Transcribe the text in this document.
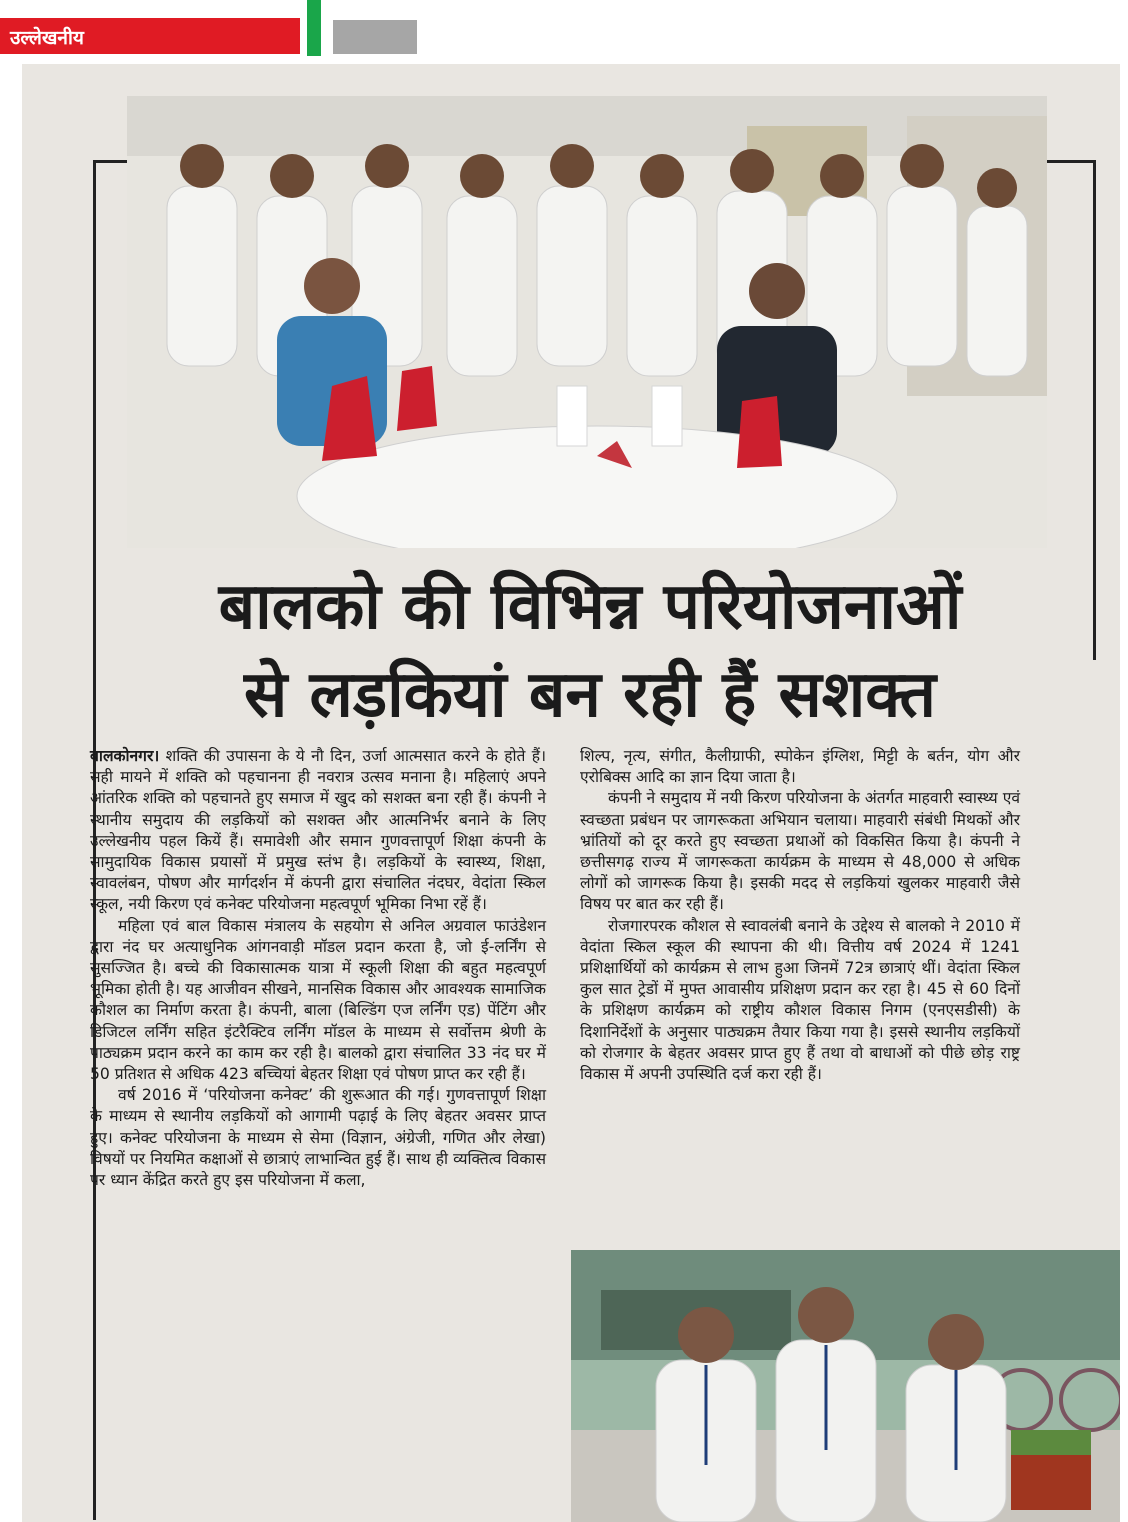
उल्लेखनीय
बालको की विभिन्न परियोजनाओं
से लड़कियां बन रही हैं सशक्त

बालकोनगर। शक्ति की उपासना के ये नौ दिन, उर्जा आत्मसात करने के होते हैं। सही मायने में शक्ति को पहचानना ही नवरात्र उत्सव मनाना है। महिलाएं अपने आंतरिक शक्ति को पहचानते हुए समाज में खुद को सशक्त बना रही हैं। कंपनी ने स्थानीय समुदाय की लड़कियों को सशक्त और आत्मनिर्भर बनाने के लिए उल्लेखनीय पहल कियें हैं। समावेशी और समान गुणवत्तापूर्ण शिक्षा कंपनी के सामुदायिक विकास प्रयासों में प्रमुख स्तंभ है। लड़कियों के स्वास्थ्य, शिक्षा, स्वावलंबन, पोषण और मार्गदर्शन में कंपनी द्वारा संचालित नंदघर, वेदांता स्किल स्कूल, नयी किरण एवं कनेक्ट परियोजना महत्वपूर्ण भूमिका निभा रहें हैं।

महिला एवं बाल विकास मंत्रालय के सहयोग से अनिल अग्रवाल फाउंडेशन द्वारा नंद घर अत्याधुनिक आंगनवाड़ी मॉडल प्रदान करता है, जो ई-लर्निंग से सुसज्जित है। बच्चे की विकासात्मक यात्रा में स्कूली शिक्षा की बहुत महत्वपूर्ण भूमिका होती है। यह आजीवन सीखने, मानसिक विकास और आवश्यक सामाजिक कौशल का निर्माण करता है। कंपनी, बाला (बिल्डिंग एज लर्निंग एड) पेंटिंग और डिजिटल लर्निंग सहित इंटरैक्टिव लर्निंग मॉडल के माध्यम से सर्वोत्तम श्रेणी के पाठ्यक्रम प्रदान करने का काम कर रही है। बालको द्वारा संचालित 33 नंद घर में 50 प्रतिशत से अधिक 423 बच्चियां बेहतर शिक्षा एवं पोषण प्राप्त कर रही हैं।

वर्ष 2016 में ‘परियोजना कनेक्ट’ की शुरूआत की गई। गुणवत्तापूर्ण शिक्षा के माध्यम से स्थानीय लड़कियों को आगामी पढ़ाई के लिए बेहतर अवसर प्राप्त हुए। कनेक्ट परियोजना के माध्यम से सेमा (विज्ञान, अंग्रेजी, गणित और लेखा) विषयों पर नियमित कक्षाओं से छात्राएं लाभान्वित हुई हैं। साथ ही व्यक्तित्व विकास पर ध्यान केंद्रित करते हुए इस परियोजना में कला,

शिल्प, नृत्य, संगीत, कैलीग्राफी, स्पोकेन इंग्लिश, मिट्टी के बर्तन, योग और एरोबिक्स आदि का ज्ञान दिया जाता है।

कंपनी ने समुदाय में नयी किरण परियोजना के अंतर्गत माहवारी स्वास्थ्य एवं स्वच्छता प्रबंधन पर जागरूकता अभियान चलाया। माहवारी संबंधी मिथकों और भ्रांतियों को दूर करते हुए स्वच्छता प्रथाओं को विकसित किया है। कंपनी ने छत्तीसगढ़ राज्य में जागरूकता कार्यक्रम के माध्यम से 48,000 से अधिक लोगों को जागरूक किया है। इसकी मदद से लड़कियां खुलकर माहवारी जैसे विषय पर बात कर रही हैं।

रोजगारपरक कौशल से स्वावलंबी बनाने के उद्देश्य से बालको ने 2010 में वेदांता स्किल स्कूल की स्थापना की थी। वित्तीय वर्ष 2024 में 1241 प्रशिक्षार्थियों को कार्यक्रम से लाभ हुआ जिनमें 72त्र छात्राएं थीं। वेदांता स्किल कुल सात ट्रेडों में मुफ्त आवासीय प्रशिक्षण प्रदान कर रहा है। 45 से 60 दिनों के प्रशिक्षण कार्यक्रम को राष्ट्रीय कौशल विकास निगम (एनएसडीसी) के दिशानिर्देशों के अनुसार पाठ्यक्रम तैयार किया गया है। इससे स्थानीय लड़कियों को रोजगार के बेहतर अवसर प्राप्त हुए हैं तथा वो बाधाओं को पीछे छोड़ राष्ट्र विकास में अपनी उपस्थिति दर्ज करा रही हैं।
